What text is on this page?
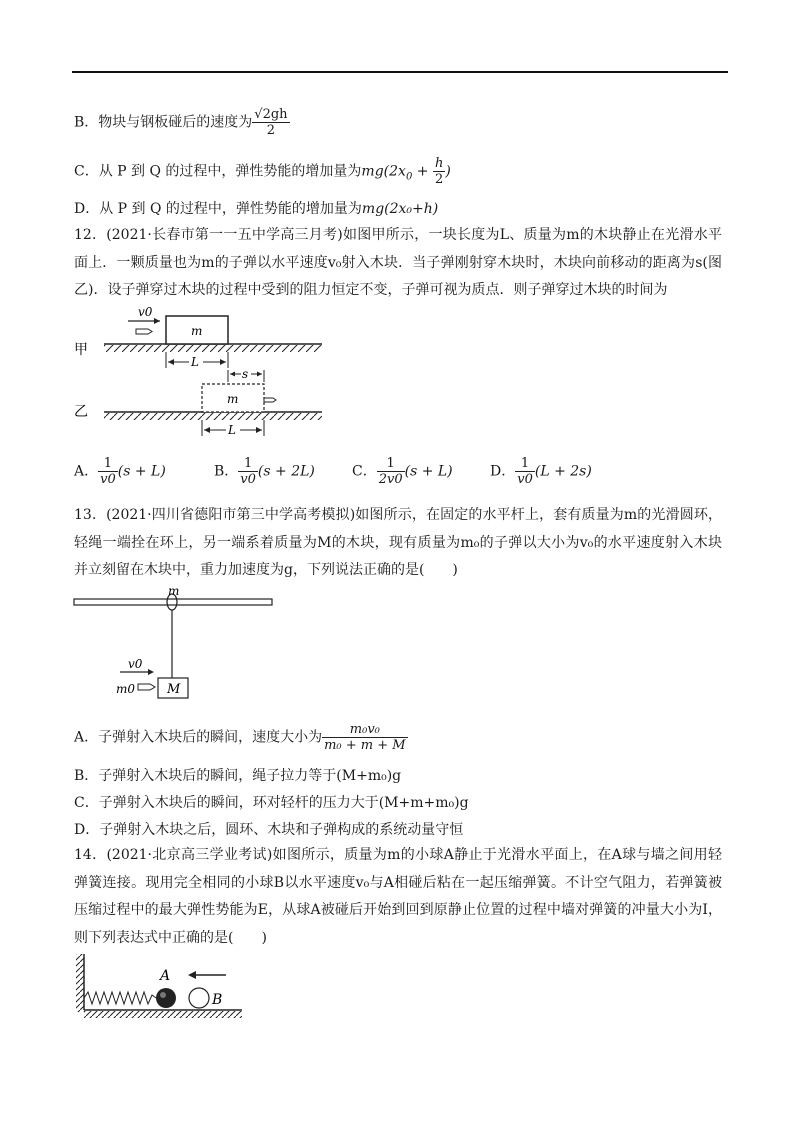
B．物块与钢板碰后的速度为 $\frac{√2gh}{2}$
C．从 P 到 Q 的过程中，弹性势能的增加量为$mg(2x_0 + \frac{h}{2}$ )
D．从 P 到 Q 的过程中，弹性势能的增加量为mg(2x₀+h)
12．(2021·长春市第一一五中学高三月考)如图甲所示，一块长度为L、质量为m的木块静止在光滑水平面上．一颗质量也为m的子弹以水平速度v₀射入木块．当子弹刚射穿木块时，木块向前移动的距离为s(图乙)．设子弹穿过木块的过程中受到的阻力恒定不变，子弹可视为质点．则子弹穿过木块的时间为
甲
m
v0
L
s
乙
m
L
A． $\frac{1}{v0} (s + L)$	B． $\frac{1}{v0} (s + 2L)$	C． $\frac{1}{2v0} (s + L)$	D． $\frac{1}{v0} (L + 2s)$
13．(2021·四川省德阳市第三中学高考模拟)如图所示，在固定的水平杆上，套有质量为m的光滑圆环，轻绳一端拴在环上，另一端系着质量为M的木块，现有质量为m₀的子弹以大小为v₀的水平速度射入木块并立刻留在木块中，重力加速度为g，下列说法正确的是(　　)
m
M
v0
m0
A．子弹射入木块后的瞬间，速度大小为 $\frac{\text{m₀v₀}}{\text{m₀ + m + M}}$
B．子弹射入木块后的瞬间，绳子拉力等于(M+m₀)g
C．子弹射入木块后的瞬间，环对轻杆的压力大于(M+m+m₀)g
D．子弹射入木块之后，圆环、木块和子弹构成的系统动量守恒
14．(2021·北京高三学业考试)如图所示，质量为m的小球A静止于光滑水平面上，在A球与墙之间用轻弹簧连接。现用完全相同的小球B以水平速度v₀与A相碰后粘在一起压缩弹簧。不计空气阻力，若弹簧被压缩过程中的最大弹性势能为E，从球A被碰后开始到回到原静止位置的过程中墙对弹簧的冲量大小为I，则下列表达式中正确的是(　　)
A
B
